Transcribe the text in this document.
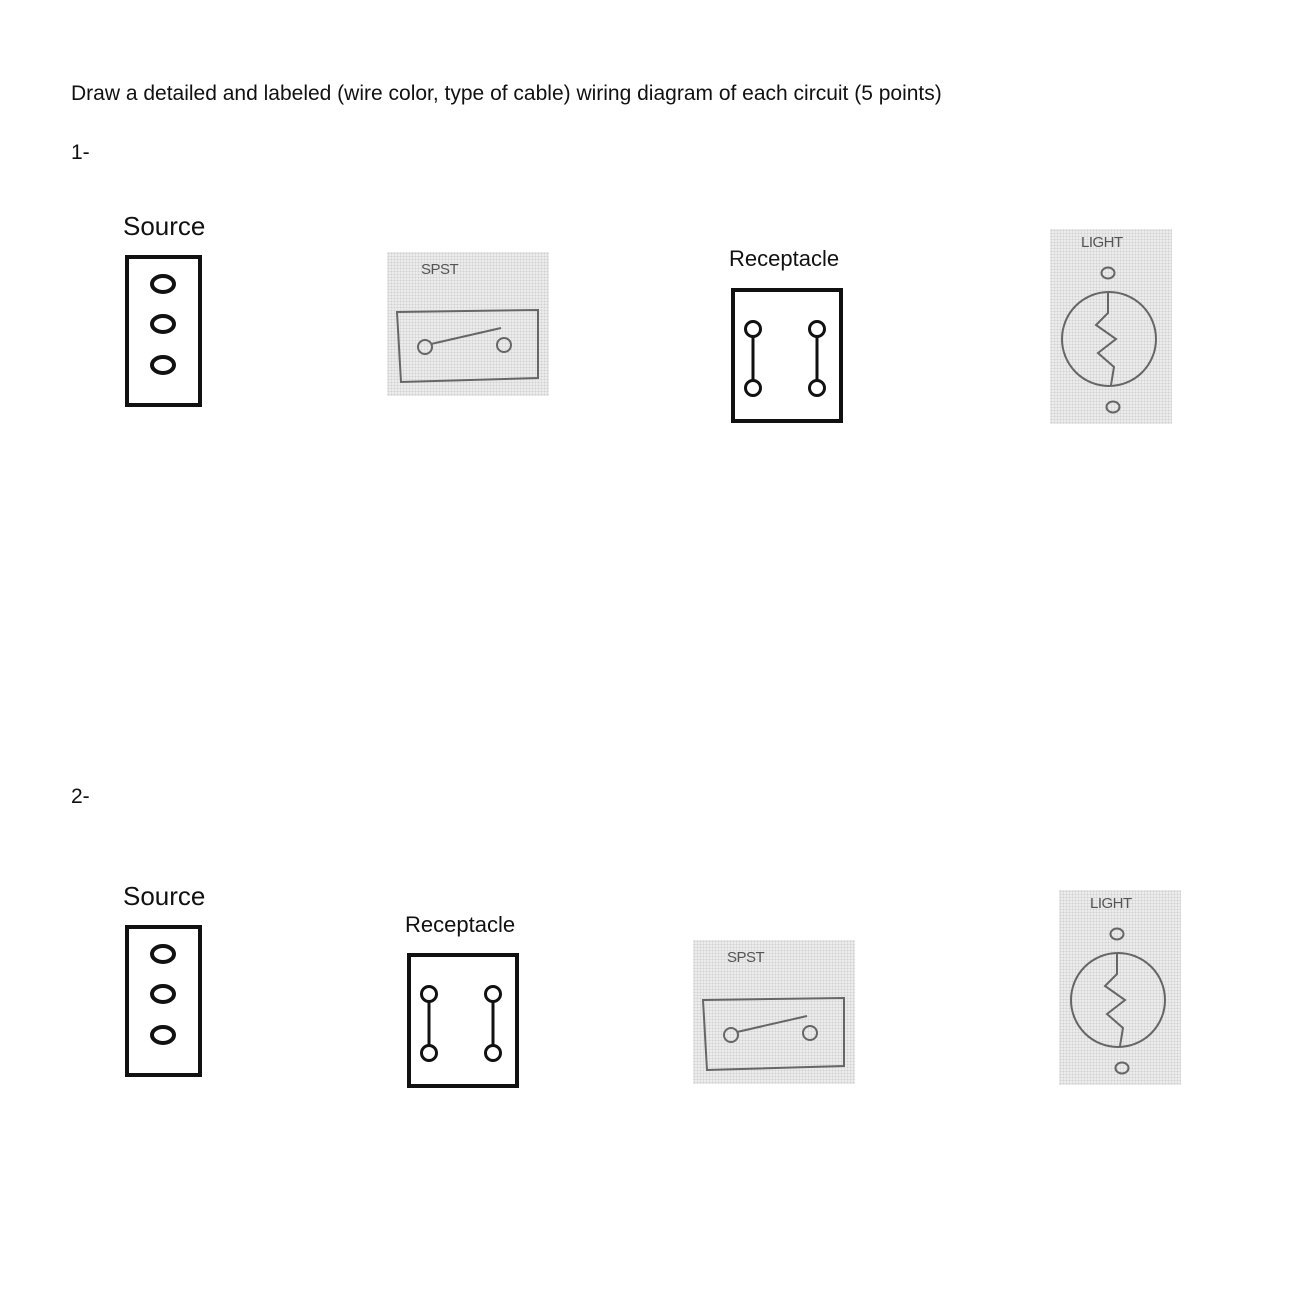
Draw a detailed and labeled (wire color, type of cable) wiring diagram of each circuit (5 points)
1-
Source
SPST	Receptacle
LIGHT
2-
Source
Receptacle
SPST
LIGHT
